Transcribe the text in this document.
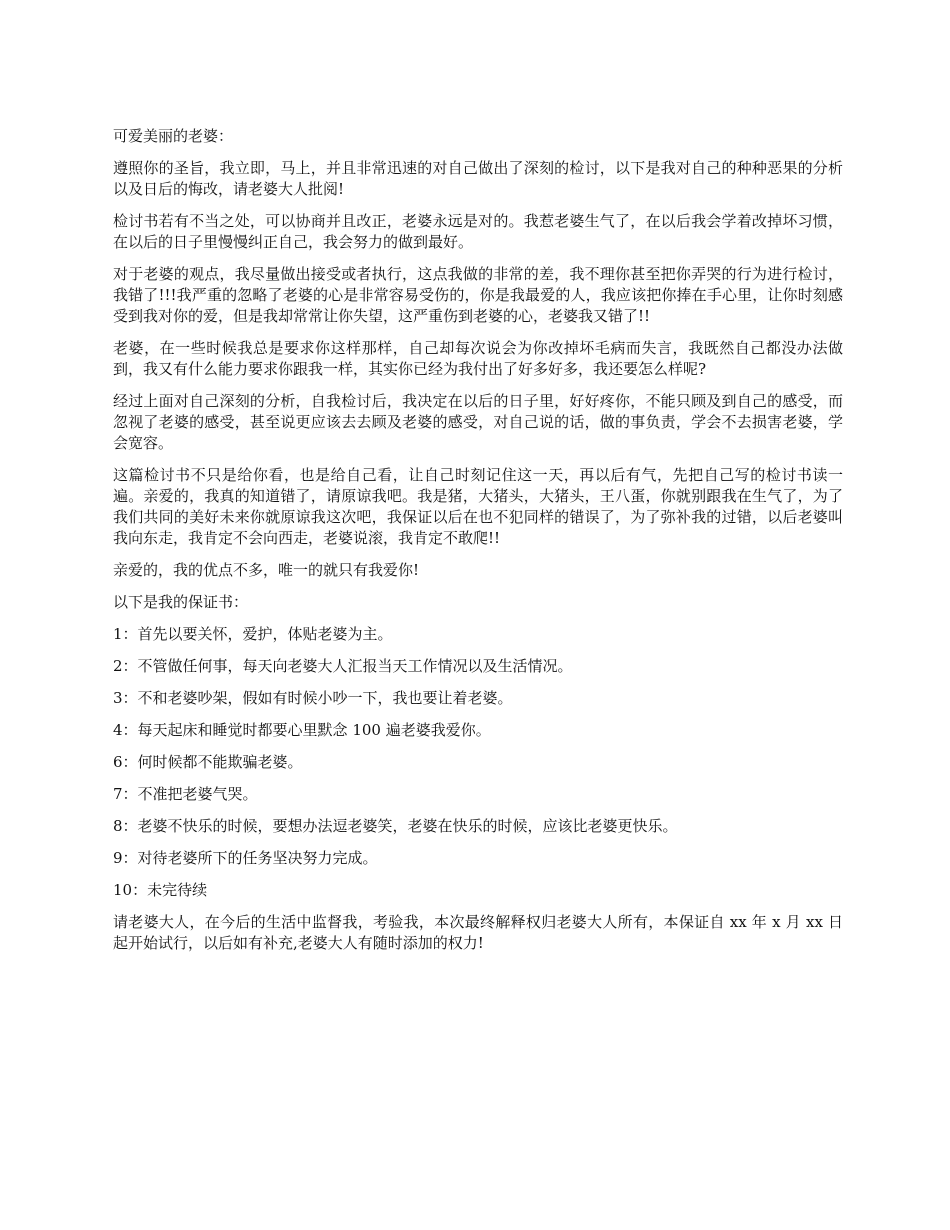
可爱美丽的老婆：

遵照你的圣旨，我立即，马上，并且非常迅速的对自己做出了深刻的检讨，以下是我对自己的种种恶果的分析以及日后的悔改，请老婆大人批阅!

检讨书若有不当之处，可以协商并且改正，老婆永远是对的。我惹老婆生气了，在以后我会学着改掉坏习惯，在以后的日子里慢慢纠正自己，我会努力的做到最好。

对于老婆的观点，我尽量做出接受或者执行，这点我做的非常的差，我不理你甚至把你弄哭的行为进行检讨，我错了!!!我严重的忽略了老婆的心是非常容易受伤的，你是我最爱的人，我应该把你捧在手心里，让你时刻感受到我对你的爱，但是我却常常让你失望，这严重伤到老婆的心，老婆我又错了!!

老婆，在一些时候我总是要求你这样那样，自己却每次说会为你改掉坏毛病而失言，我既然自己都没办法做到，我又有什么能力要求你跟我一样，其实你已经为我付出了好多好多，我还要怎么样呢?

经过上面对自己深刻的分析，自我检讨后，我决定在以后的日子里，好好疼你，不能只顾及到自己的感受，而忽视了老婆的感受，甚至说更应该去去顾及老婆的感受，对自己说的话，做的事负责，学会不去损害老婆，学会宽容。

这篇检讨书不只是给你看，也是给自己看，让自己时刻记住这一天，再以后有气，先把自己写的检讨书读一遍。亲爱的，我真的知道错了，请原谅我吧。我是猪，大猪头，大猪头，王八蛋，你就别跟我在生气了，为了我们共同的美好未来你就原谅我这次吧，我保证以后在也不犯同样的错误了，为了弥补我的过错，以后老婆叫我向东走，我肯定不会向西走，老婆说滚，我肯定不敢爬!!

亲爱的，我的优点不多，唯一的就只有我爱你!

以下是我的保证书：

1：首先以要关怀，爱护，体贴老婆为主。

2：不管做任何事，每天向老婆大人汇报当天工作情况以及生活情况。

3：不和老婆吵架，假如有时候小吵一下，我也要让着老婆。

4：每天起床和睡觉时都要心里默念 100 遍老婆我爱你。

6：何时候都不能欺骗老婆。

7：不准把老婆气哭。

8：老婆不快乐的时候，要想办法逗老婆笑，老婆在快乐的时候，应该比老婆更快乐。

9：对待老婆所下的任务坚决努力完成。

10：未完待续

请老婆大人，在今后的生活中监督我，考验我，本次最终解释权归老婆大人所有，本保证自 xx 年 x 月 xx 日起开始试行，以后如有补充,老婆大人有随时添加的权力!
